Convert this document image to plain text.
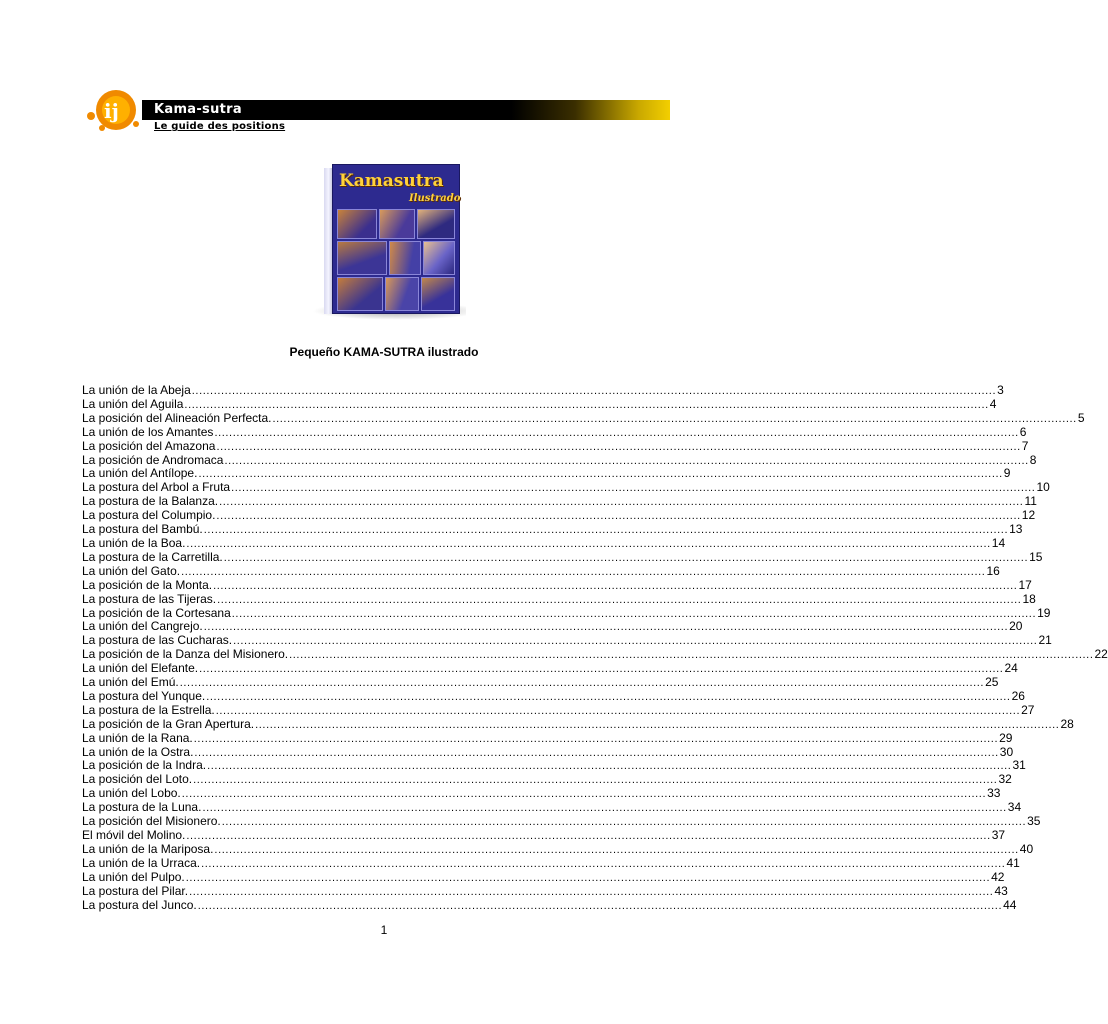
ij	Kama-sutra
Le guide des positions
Kamasutra
Ilustrado
Pequeño KAMA-SUTRA ilustrado
La unión de la Abeja ............................................................................................................................................................................................................................ 3
La unión del Aguila ............................................................................................................................................................................................................................ 4
La posición del Alineación Perfecta. ............................................................................................................................................................................................................................ 5
La unión de los Amantes ............................................................................................................................................................................................................................ 6
La posición del Amazona ............................................................................................................................................................................................................................ 7
La posición de Andromaca ............................................................................................................................................................................................................................ 8
La unión del Antílope. ............................................................................................................................................................................................................................ 9
La postura del Arbol a Fruta ............................................................................................................................................................................................................................ 10
La postura de la Balanza. ............................................................................................................................................................................................................................ 11
La postura del Columpio. ............................................................................................................................................................................................................................ 12
La postura del Bambú. ............................................................................................................................................................................................................................ 13
La unión de la Boa. ............................................................................................................................................................................................................................ 14
La postura de la Carretilla. ............................................................................................................................................................................................................................ 15
La unión del Gato. ............................................................................................................................................................................................................................ 16
La posición de la Monta. ............................................................................................................................................................................................................................ 17
La postura de las Tijeras. ............................................................................................................................................................................................................................ 18
La posición de la Cortesana ............................................................................................................................................................................................................................ 19
La unión del Cangrejo. ............................................................................................................................................................................................................................ 20
La postura de las Cucharas. ............................................................................................................................................................................................................................ 21
La posición de la Danza del Misionero. ............................................................................................................................................................................................................................ 22
La unión del Elefante. ............................................................................................................................................................................................................................ 24
La unión del Emú. ............................................................................................................................................................................................................................ 25
La postura del Yunque. ............................................................................................................................................................................................................................ 26
La postura de la Estrella. ............................................................................................................................................................................................................................ 27
La posición de la Gran Apertura. ............................................................................................................................................................................................................................ 28
La unión de la Rana. ............................................................................................................................................................................................................................ 29
La unión de la Ostra. ............................................................................................................................................................................................................................ 30
La posición de la Indra. ............................................................................................................................................................................................................................ 31
La posición del Loto. ............................................................................................................................................................................................................................ 32
La unión del Lobo. ............................................................................................................................................................................................................................ 33
La postura de la Luna. ............................................................................................................................................................................................................................ 34
La posición del Misionero. ............................................................................................................................................................................................................................ 35
El móvil del Molino. ............................................................................................................................................................................................................................ 37
La unión de la Mariposa. ............................................................................................................................................................................................................................ 40
La unión de la Urraca. ............................................................................................................................................................................................................................ 41
La unión del Pulpo. ............................................................................................................................................................................................................................ 42
La postura del Pilar. ............................................................................................................................................................................................................................ 43
La postura del Junco. ............................................................................................................................................................................................................................ 44
1
